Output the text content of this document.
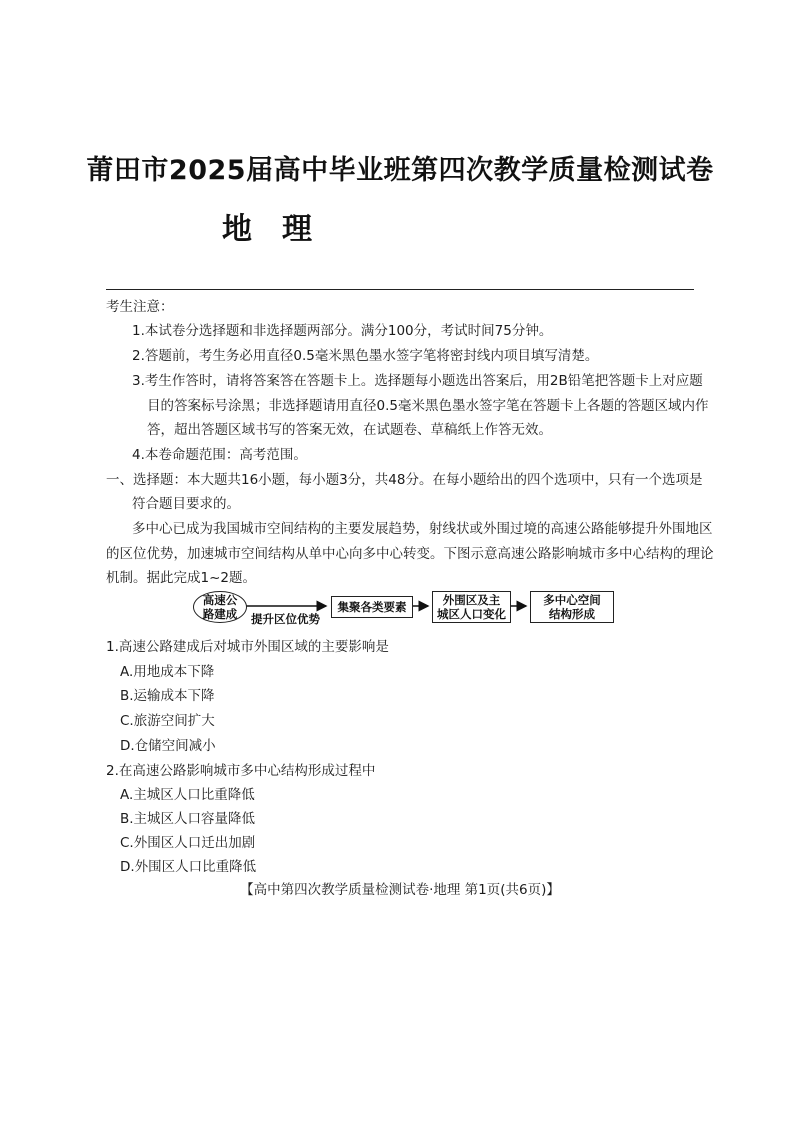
莆田市2025届高中毕业班第四次教学质量检测试卷
地理
考生注意：
1.本试卷分选择题和非选择题两部分。满分100分，考试时间75分钟。
2.答题前，考生务必用直径0.5毫米黑色墨水签字笔将密封线内项目填写清楚。
3.考生作答时，请将答案答在答题卡上。选择题每小题选出答案后，用2B铅笔把答题卡上对应题
目的答案标号涂黑；非选择题请用直径0.5毫米黑色墨水签字笔在答题卡上各题的答题区域内作
答，超出答题区域书写的答案无效，在试题卷、草稿纸上作答无效。
4.本卷命题范围：高考范围。
一、选择题：本大题共16小题，每小题3分，共48分。在每小题给出的四个选项中，只有一个选项是
符合题目要求的。
多中心已成为我国城市空间结构的主要发展趋势，射线状或外围过境的高速公路能够提升外围地区
的区位优势，加速城市空间结构从单中心向多中心转变。下图示意高速公路影响城市多中心结构的理论
机制。据此完成1~2题。
高速公
路建成 提升区位优势
集聚各类要素	外围区及主
城区人口变化
多中心空间
结构形成
1.高速公路建成后对城市外围区域的主要影响是
A.用地成本下降
B.运输成本下降
C.旅游空间扩大
D.仓储空间减小
2.在高速公路影响城市多中心结构形成过程中
A.主城区人口比重降低
B.主城区人口容量降低
C.外围区人口迁出加剧
D.外围区人口比重降低
【高中第四次教学质量检测试卷·地理 第1页(共6页)】
